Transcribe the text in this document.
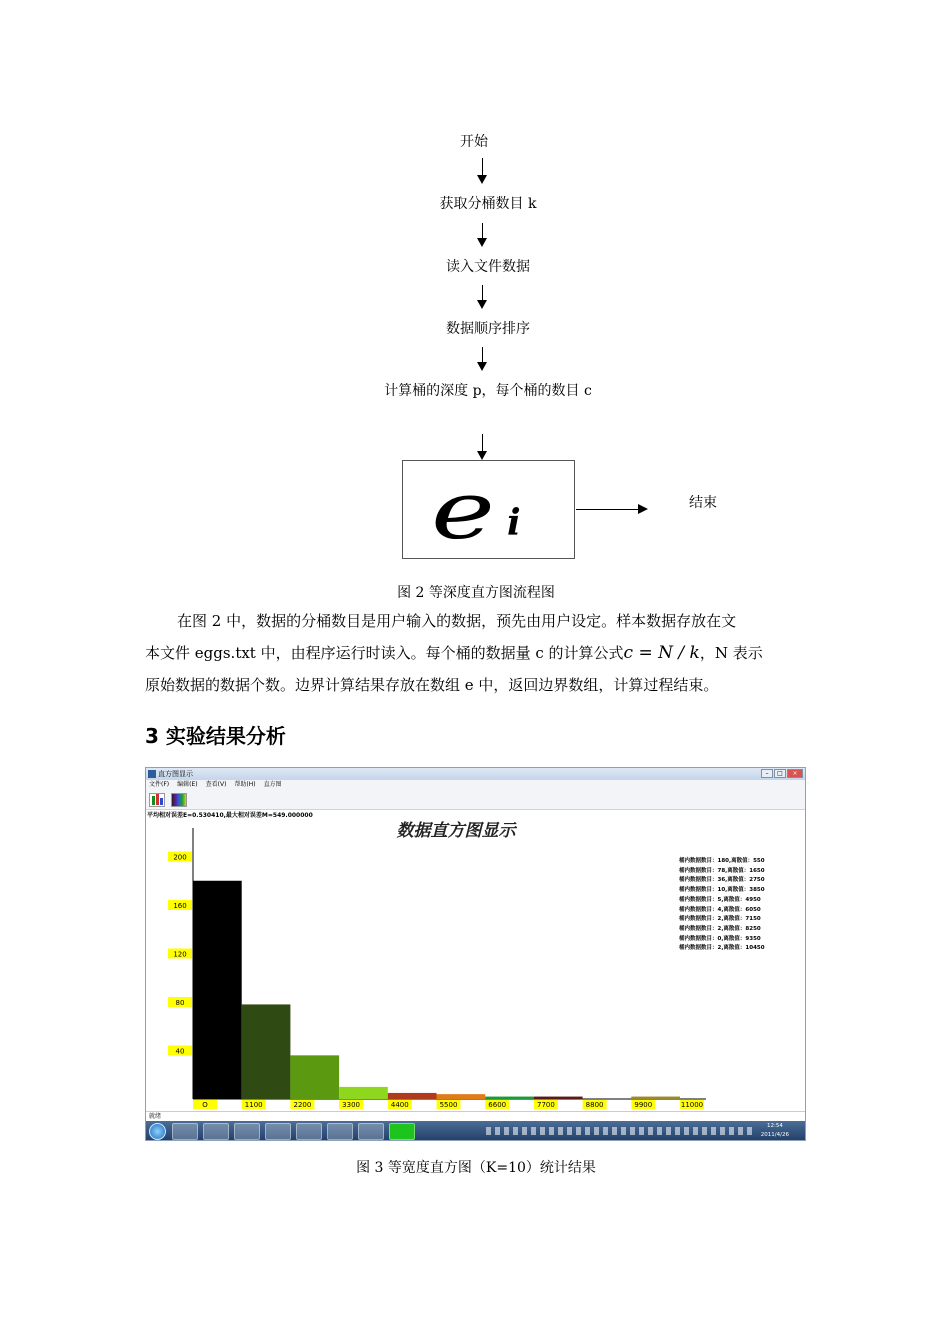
开始
获取分桶数目 k
读入文件数据
数据顺序排序
计算桶的深度 p，每个桶的数目 c
e i	结束
图 2 等深度直方图流程图
在图 2 中，数据的分桶数目是用户输入的数据，预先由用户设定。样本数据存放在文
本文件 eggs.txt 中，由程序运行时读入。每个桶的数据量 c 的计算公式c = N / k，N 表示
原始数据的数据个数。边界计算结果存放在数组 e 中，返回边界数组，计算过程结束。
3 实验结果分析
直方图显示	–	□	×
文件(F) 编辑(E) 查看(V) 帮助(H) 直方图
平均相对误差E=0.530410,最大相对误差M=549.000000
数据直方图显示
40
80
120
160
200
O	1100	2200	3300	4400	5500	6600	7700	8800	9900	11000
桶内数据数目：180,离散值：550
桶内数据数目：78,离散值：1650
桶内数据数目：36,离散值：2750
桶内数据数目：10,离散值：3850
桶内数据数目：5,离散值：4950
桶内数据数目：4,离散值：6050
桶内数据数目：2,离散值：7150
桶内数据数目：2,离散值：8250
桶内数据数目：0,离散值：9350
桶内数据数目：2,离散值：10450
就绪
12:54
2011/4/26
图 3 等宽度直方图（K=10）统计结果
